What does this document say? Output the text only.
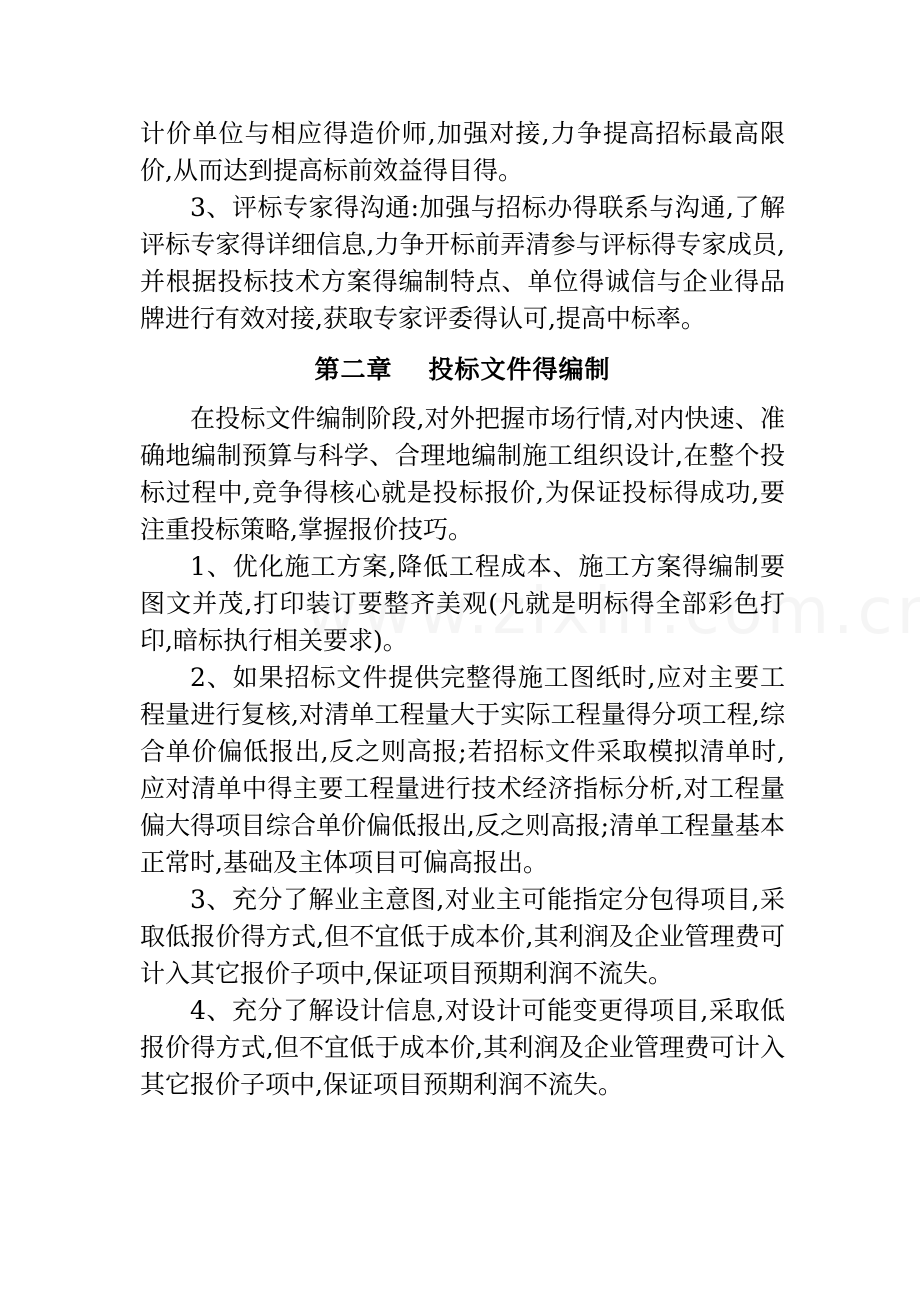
计价单位与相应得造价师,加强对接,力争提高招标最高限价,从而达到提高标前效益得目得。

3、评标专家得沟通:加强与招标办得联系与沟通,了解评标专家得详细信息,力争开标前弄清参与评标得专家成员,并根据投标技术方案得编制特点、单位得诚信与企业得品牌进行有效对接,获取专家评委得认可,提高中标率。

第二章 投标文件得编制

在投标文件编制阶段,对外把握市场行情,对内快速、准确地编制预算与科学、合理地编制施工组织设计,在整个投标过程中,竞争得核心就是投标报价,为保证投标得成功,要注重投标策略,掌握报价技巧。

1、优化施工方案,降低工程成本、施工方案得编制要图文并茂,打印装订要整齐美观(凡就是明标得全部彩色打印,暗标执行相关要求)。

2、如果招标文件提供完整得施工图纸时,应对主要工程量进行复核,对清单工程量大于实际工程量得分项工程,综合单价偏低报出,反之则高报;若招标文件采取模拟清单时,应对清单中得主要工程量进行技术经济指标分析,对工程量偏大得项目综合单价偏低报出,反之则高报;清单工程量基本正常时,基础及主体项目可偏高报出。

3、充分了解业主意图,对业主可能指定分包得项目,采取低报价得方式,但不宜低于成本价,其利润及企业管理费可计入其它报价子项中,保证项目预期利润不流失。

4、充分了解设计信息,对设计可能变更得项目,采取低报价得方式,但不宜低于成本价,其利润及企业管理费可计入其它报价子项中,保证项目预期利润不流失。
